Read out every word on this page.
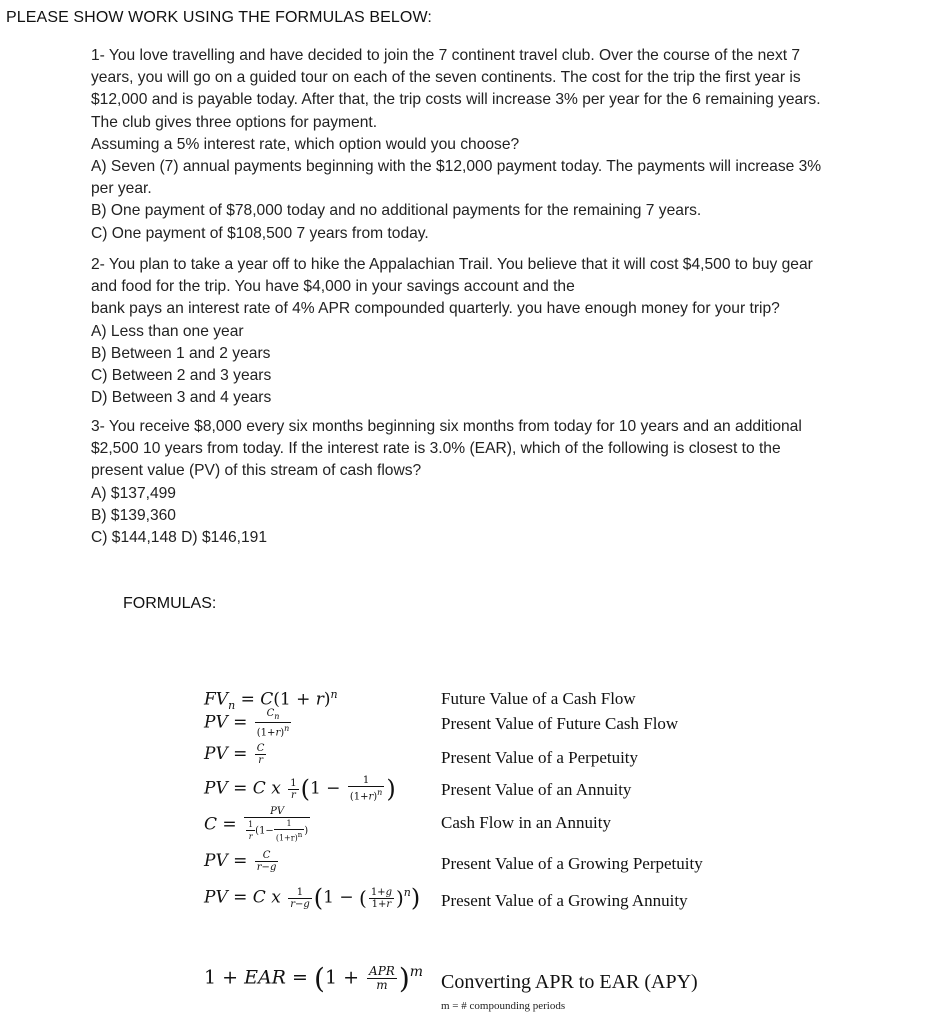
PLEASE SHOW WORK USING THE FORMULAS BELOW:

1- You love travelling and have decided to join the 7 continent travel club. Over the course of the next 7

years, you will go on a guided tour on each of the seven continents. The cost for the trip the first year is

$12,000 and is payable today. After that, the trip costs will increase 3% per year for the 6 remaining years.

The club gives three options for payment.

Assuming a 5% interest rate, which option would you choose?

A) Seven (7) annual payments beginning with the $12,000 payment today. The payments will increase 3%

per year.

B) One payment of $78,000 today and no additional payments for the remaining 7 years.

C) One payment of $108,500 7 years from today.

2- You plan to take a year off to hike the Appalachian Trail. You believe that it will cost $4,500 to buy gear

and food for the trip. You have $4,000 in your savings account and the

bank pays an interest rate of 4% APR compounded quarterly. you have enough money for your trip?

A) Less than one year

B) Between 1 and 2 years

C) Between 2 and 3 years

D) Between 3 and 4 years

3- You receive $8,000 every six months beginning six months from today for 10 years and an additional

$2,500 10 years from today. If the interest rate is 3.0% (EAR), which of the following is closest to the

present value (PV) of this stream of cash flows?

A) $137,499

B) $139,360

C) $144,148 D) $146,191

FORMULAS:
$FV_n = C(1 + r)^n$
PV = $\frac{C_n}{(1+r)^n}$
PV = $\frac{C}{r}$
PV = C x $\frac{1}{r} (1 - \frac{1}{(1+r)^n}$ )
$C = \frac{PV}{\frac{1}{r} (1- \frac{1}{(1+r)^n} )}$
PV = $\frac{C}{r-g}$
PV = C x $\frac{1}{r-g} (1$ − ( $\frac{1+g}{1+r} )^n$)
1 + EAR = $(1 + \frac{\text{APR}}{m} )^m$
Future Value of a Cash Flow
Present Value of Future Cash Flow
Present Value of a Perpetuity
Present Value of an Annuity
Cash Flow in an Annuity
Present Value of a Growing Perpetuity
Present Value of a Growing Annuity
Converting APR to EAR (APY)
m = # compounding periods
